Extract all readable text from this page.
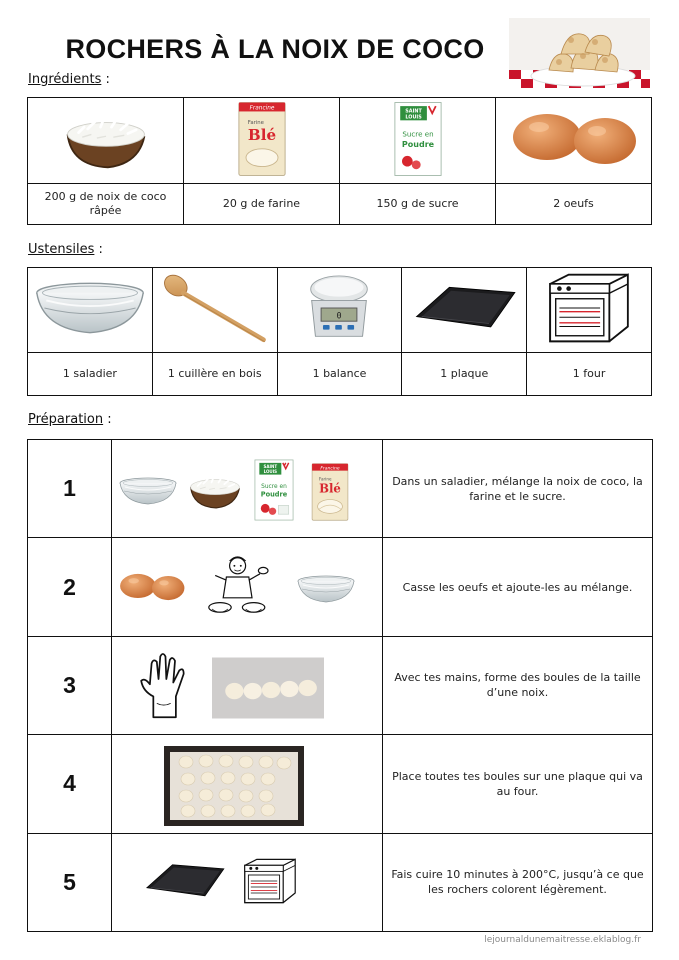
ROCHERS À LA NOIX DE COCO
Ingrédients :

Francine
Farine
Blé	SAINT
LOUIS
Sucre en
Poudre

200 g de noix de coco râpée	20 g de farine	150 g de sucre	2 oeufs
Ustensiles :

1 saladier	1 cuillère en bois	1 balance	1 plaque	1 four
Préparation :
1		Dans un saladier, mélange la noix de coco, la farine et le sucre.
2		Casse les oeufs et ajoute-les au mélange.
3		Avec tes mains, forme des boules de la taille d’une noix.
4		Place toutes tes boules sur une plaque qui va au four.
5		Fais cuire 10 minutes à 200°C, jusqu’à ce que les rochers colorent légèrement.
lejournaldunemaitresse.eklablog.fr
